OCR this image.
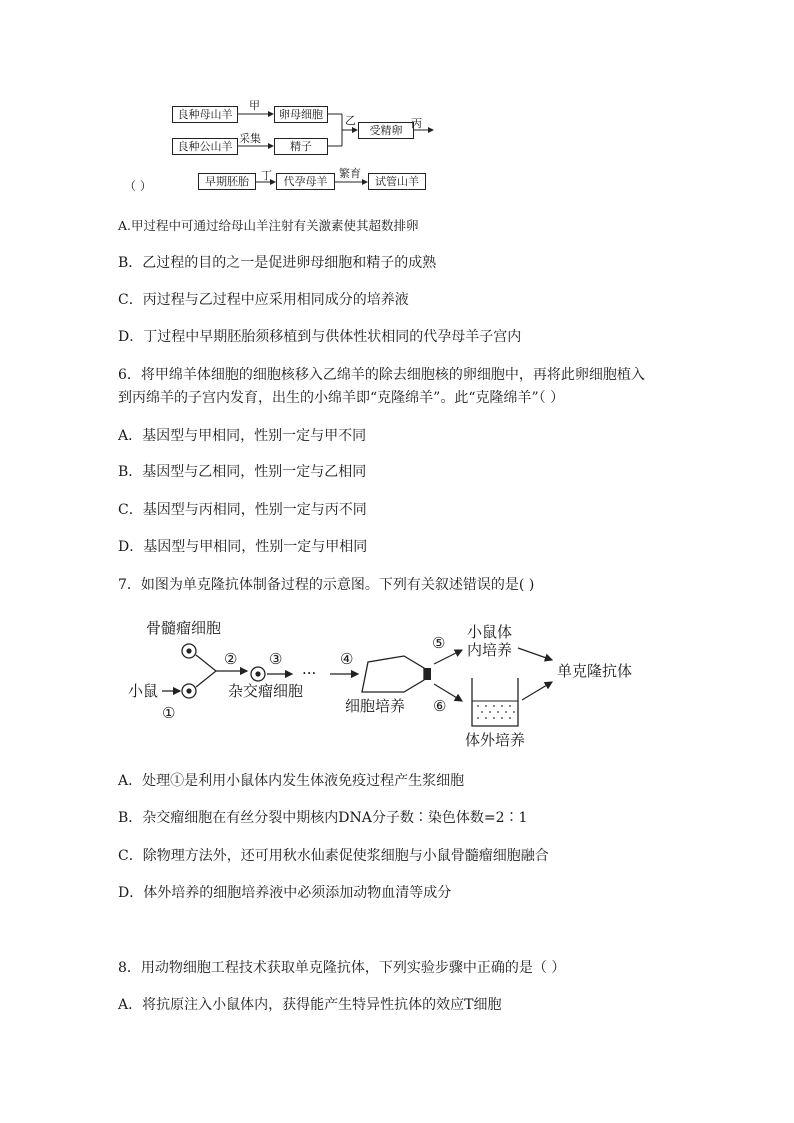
良种母山羊
甲
卵母细胞
良种公山羊
采集
精子
乙
受精卵
丙
（ ）	早期胚胎	丁	代孕母羊
繁育
试管山羊
A.甲过程中可通过给母山羊注射有关激素使其超数排卵
B．乙过程的目的之一是促进卵母细胞和精子的成熟
C．丙过程与乙过程中应采用相同成分的培养液
D．丁过程中早期胚胎须移植到与供体性状相同的代孕母羊子宫内
6．将甲绵羊体细胞的细胞核移入乙绵羊的除去细胞核的卵细胞中，再将此卵细胞植入
到丙绵羊的子宫内发育，出生的小绵羊即“克隆绵羊”。此“克隆绵羊”（ ）
A．基因型与甲相同，性别一定与甲不同
B．基因型与乙相同，性别一定与乙相同
C．基因型与丙相同，性别一定与丙不同
D．基因型与甲相同，性别一定与甲相同
7．如图为单克隆抗体制备过程的示意图。下列有关叙述错误的是( )
骨髓瘤细胞
小鼠
①
② ③
···
④
杂交瘤细胞
细胞培养
⑤
⑥
小鼠体
内培养
单克隆抗体
体外培养
A．处理①是利用小鼠体内发生体液免疫过程产生浆细胞
B．杂交瘤细胞在有丝分裂中期核内DNA分子数∶染色体数=2∶1
C．除物理方法外，还可用秋水仙素促使浆细胞与小鼠骨髓瘤细胞融合
D．体外培养的细胞培养液中必须添加动物血清等成分
8．用动物细胞工程技术获取单克隆抗体，下列实验步骤中正确的是（ ）
A．将抗原注入小鼠体内，获得能产生特异性抗体的效应T细胞
